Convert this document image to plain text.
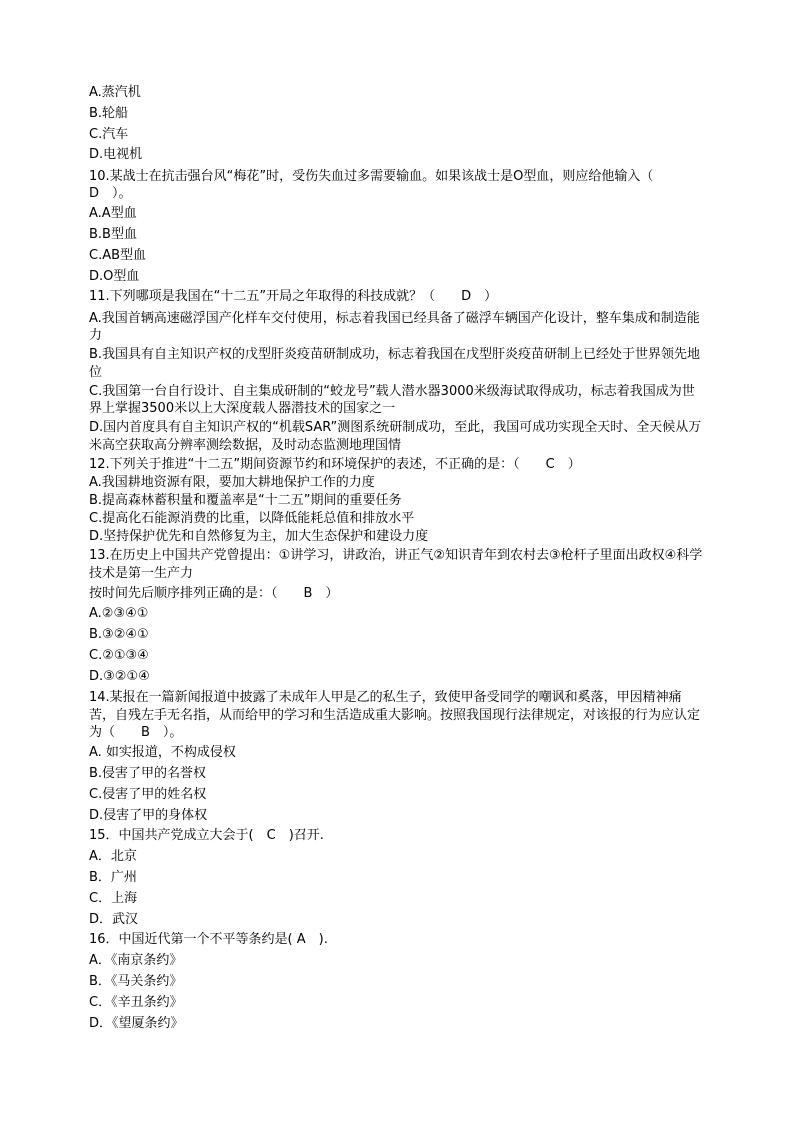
A.蒸汽机
B.轮船
C.汽车
D.电视机
10.某战士在抗击强台风“梅花”时，受伤失血过多需要输血。如果该战士是O型血，则应给他输入（　D　）。
A.A型血
B.B型血
C.AB型血
D.O型血
11.下列哪项是我国在“十二五”开局之年取得的科技成就？（　　D　）
A.我国首辆高速磁浮国产化样车交付使用，标志着我国已经具备了磁浮车辆国产化设计，整车集成和制造能力
B.我国具有自主知识产权的戊型肝炎疫苗研制成功，标志着我国在戊型肝炎疫苗研制上已经处于世界领先地位
C.我国第一台自行设计、自主集成研制的“蛟龙号”载人潜水器3000米级海试取得成功，标志着我国成为世界上掌握3500米以上大深度载人器潜技术的国家之一
D.国内首度具有自主知识产权的“机载SAR”测图系统研制成功，至此，我国可成功实现全天时、全天候从万米高空获取高分辨率测绘数据，及时动态监测地理国情
12.下列关于推进“十二五”期间资源节约和环境保护的表述，不正确的是：（　　C　）
A.我国耕地资源有限，要加大耕地保护工作的力度
B.提高森林蓄积量和覆盖率是“十二五”期间的重要任务
C.提高化石能源消费的比重，以降低能耗总值和排放水平
D.坚持保护优先和自然修复为主，加大生态保护和建设力度
13.在历史上中国共产党曾提出：①讲学习，讲政治，讲正气②知识青年到农村去③枪杆子里面出政权④科学技术是第一生产力
按时间先后顺序排列正确的是：（　　B　）
A.②③④①
B.③②④①
C.②①③④
D.③②①④
14.某报在一篇新闻报道中披露了未成年人甲是乙的私生子，致使甲备受同学的嘲讽和奚落，甲因精神痛苦，自残左手无名指，从而给甲的学习和生活造成重大影响。按照我国现行法律规定，对该报的行为应认定为（　　B　）。
A. 如实报道，不构成侵权
B.侵害了甲的名誉权
C.侵害了甲的姓名权
D.侵害了甲的身体权
15．中国共产党成立大会于(　C　)召开.
A．北京
B．广州
C．上海
D．武汉
16．中国近代第一个不平等条约是( A　).
A．《南京条约》
B．《马关条约》
C．《辛丑条约》
D．《望厦条约》
